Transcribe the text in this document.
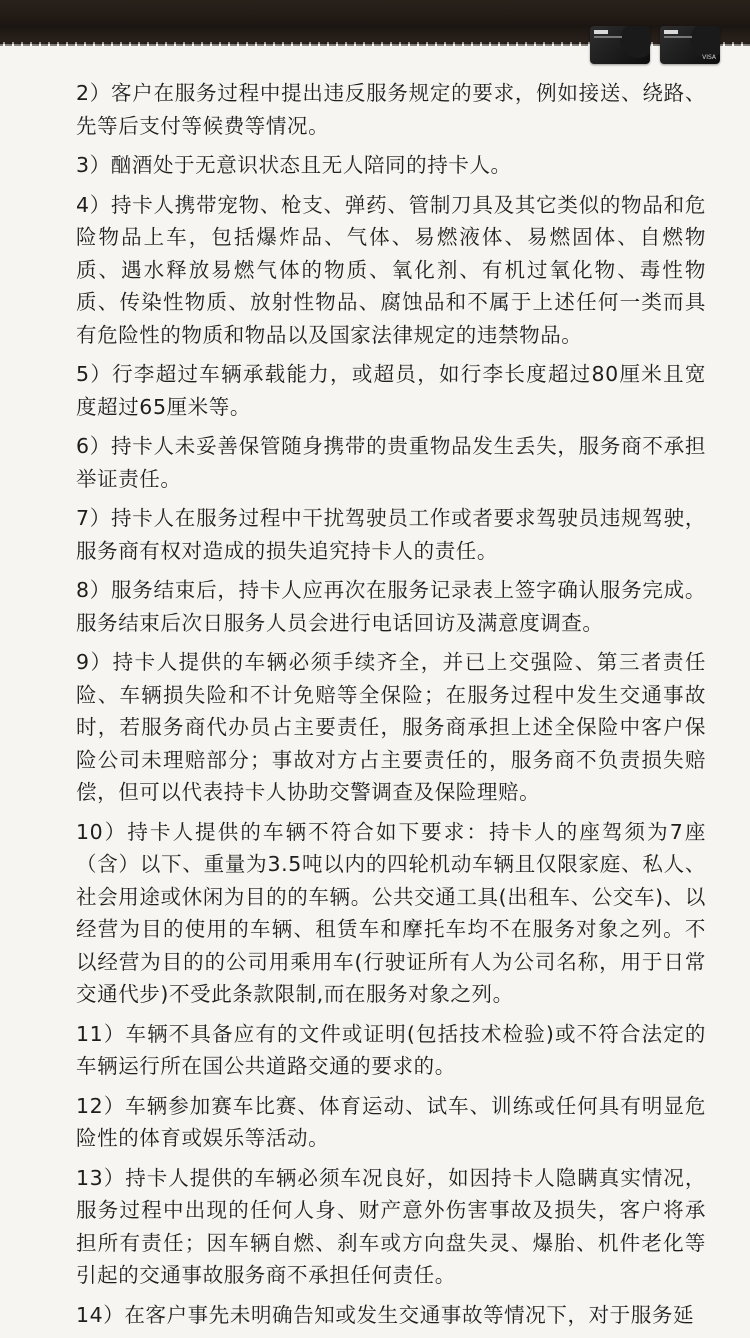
VISA

2）客户在服务过程中提出违反服务规定的要求，例如接送、绕路、先等后支付等候费等情况。

3）酗酒处于无意识状态且无人陪同的持卡人。

4）持卡人携带宠物、枪支、弹药、管制刀具及其它类似的物品和危险物品上车，包括爆炸品、气体、易燃液体、易燃固体、自燃物质、遇水释放易燃气体的物质、氧化剂、有机过氧化物、毒性物质、传染性物质、放射性物品、腐蚀品和不属于上述任何一类而具有危险性的物质和物品以及国家法律规定的违禁物品。

5）行李超过车辆承载能力，或超员，如行李长度超过80厘米且宽度超过65厘米等。

6）持卡人未妥善保管随身携带的贵重物品发生丢失，服务商不承担举证责任。

7）持卡人在服务过程中干扰驾驶员工作或者要求驾驶员违规驾驶，服务商有权对造成的损失追究持卡人的责任。

8）服务结束后，持卡人应再次在服务记录表上签字确认服务完成。服务结束后次日服务人员会进行电话回访及满意度调查。

9）持卡人提供的车辆必须手续齐全，并已上交强险、第三者责任险、车辆损失险和不计免赔等全保险；在服务过程中发生交通事故时，若服务商代办员占主要责任，服务商承担上述全保险中客户保险公司未理赔部分；事故对方占主要责任的，服务商不负责损失赔偿，但可以代表持卡人协助交警调查及保险理赔。

10）持卡人提供的车辆不符合如下要求：持卡人的座驾须为7座（含）以下、重量为3.5吨以内的四轮机动车辆且仅限家庭、私人、社会用途或休闲为目的的车辆。公共交通工具(出租车、公交车)、以经营为目的使用的车辆、租赁车和摩托车均不在服务对象之列。不以经营为目的的公司用乘用车(行驶证所有人为公司名称，用于日常交通代步)不受此条款限制,而在服务对象之列。

11）车辆不具备应有的文件或证明(包括技术检验)或不符合法定的车辆运行所在国公共道路交通的要求的。

12）车辆参加赛车比赛、体育运动、试车、训练或任何具有明显危险性的体育或娱乐等活动。

13）持卡人提供的车辆必须车况良好，如因持卡人隐瞒真实情况，服务过程中出现的任何人身、财产意外伤害事故及损失，客户将承担所有责任；因车辆自燃、刹车或方向盘失灵、爆胎、机件老化等引起的交通事故服务商不承担任何责任。

14）在客户事先未明确告知或发生交通事故等情况下，对于服务延
